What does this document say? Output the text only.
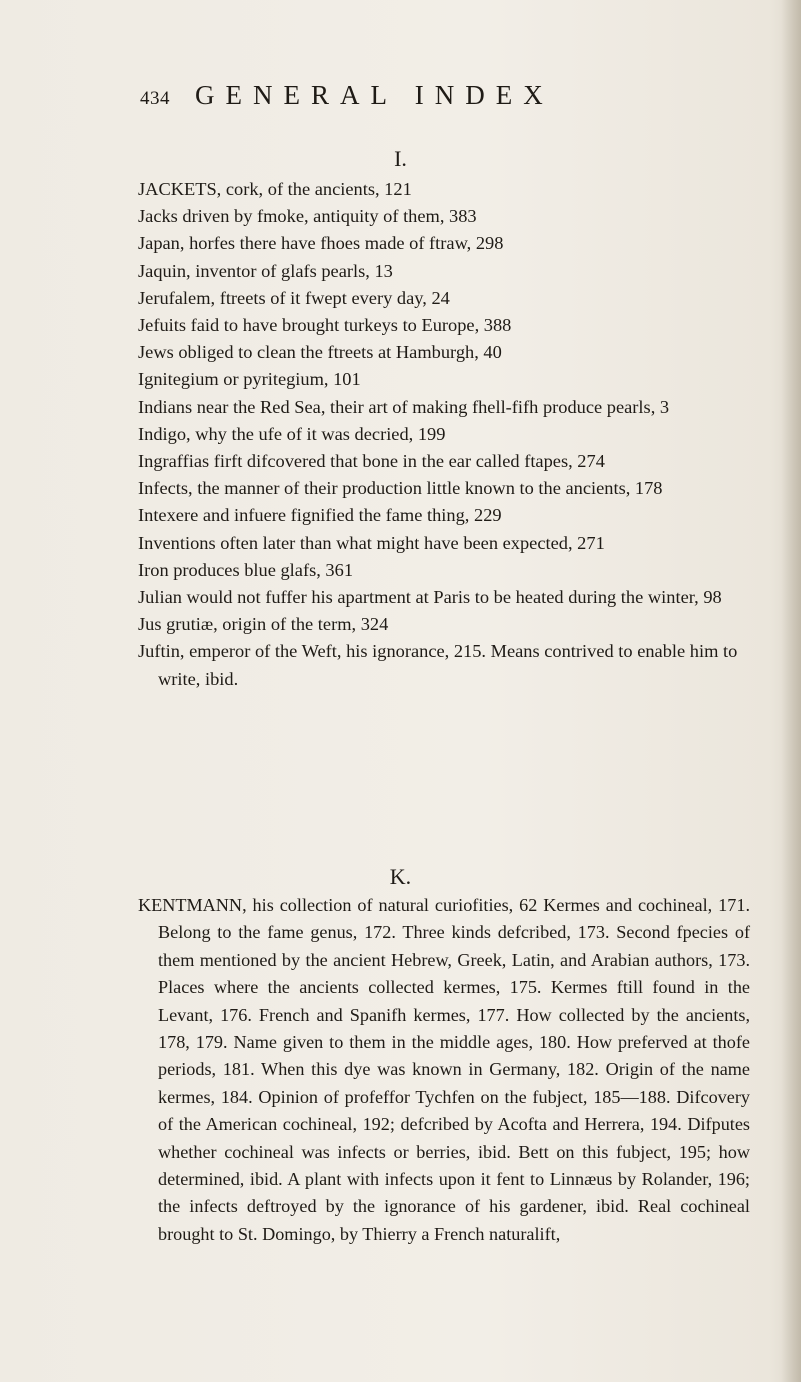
434 GENERAL INDEX
I.

JACKETS, cork, of the ancients, 121

Jacks driven by fmoke, antiquity of them, 383

Japan, horfes there have fhoes made of ftraw, 298

Jaquin, inventor of glafs pearls, 13

Jerufalem, ftreets of it fwept every day, 24

Jefuits faid to have brought turkeys to Europe, 388

Jews obliged to clean the ftreets at Hamburgh, 40

Ignitegium or pyritegium, 101

Indians near the Red Sea, their art of making fhell-fifh produce pearls, 3

Indigo, why the ufe of it was decried, 199

Ingraffias firft difcovered that bone in the ear called ftapes, 274

Infects, the manner of their production little known to the ancients, 178

Intexere and infuere fignified the fame thing, 229

Inventions often later than what might have been expected, 271

Iron produces blue glafs, 361

Julian would not fuffer his apartment at Paris to be heated during the winter, 98

Jus grutiæ, origin of the term, 324

Juftin, emperor of the Weft, his ignorance, 215. Means contrived to enable him to write, ibid.

K.

KENTMANN, his collection of natural curiofities, 62 Kermes and cochineal, 171. Belong to the fame genus, 172. Three kinds defcribed, 173. Second fpecies of them mentioned by the ancient Hebrew, Greek, Latin, and Arabian authors, 173. Places where the ancients collected kermes, 175. Kermes ftill found in the Levant, 176. French and Spanifh kermes, 177. How collected by the ancients, 178, 179. Name given to them in the middle ages, 180. How preferved at thofe periods, 181. When this dye was known in Germany, 182. Origin of the name kermes, 184. Opinion of profeffor Tychfen on the fubject, 185—188. Difcovery of the American cochineal, 192; defcribed by Acofta and Herrera, 194. Difputes whether cochineal was infects or berries, ibid. Bett on this fubject, 195; how determined, ibid. A plant with infects upon it fent to Linnæus by Rolander, 196; the infects deftroyed by the ignorance of his gardener, ibid. Real cochineal brought to St. Domingo, by Thierry a French naturalift,
